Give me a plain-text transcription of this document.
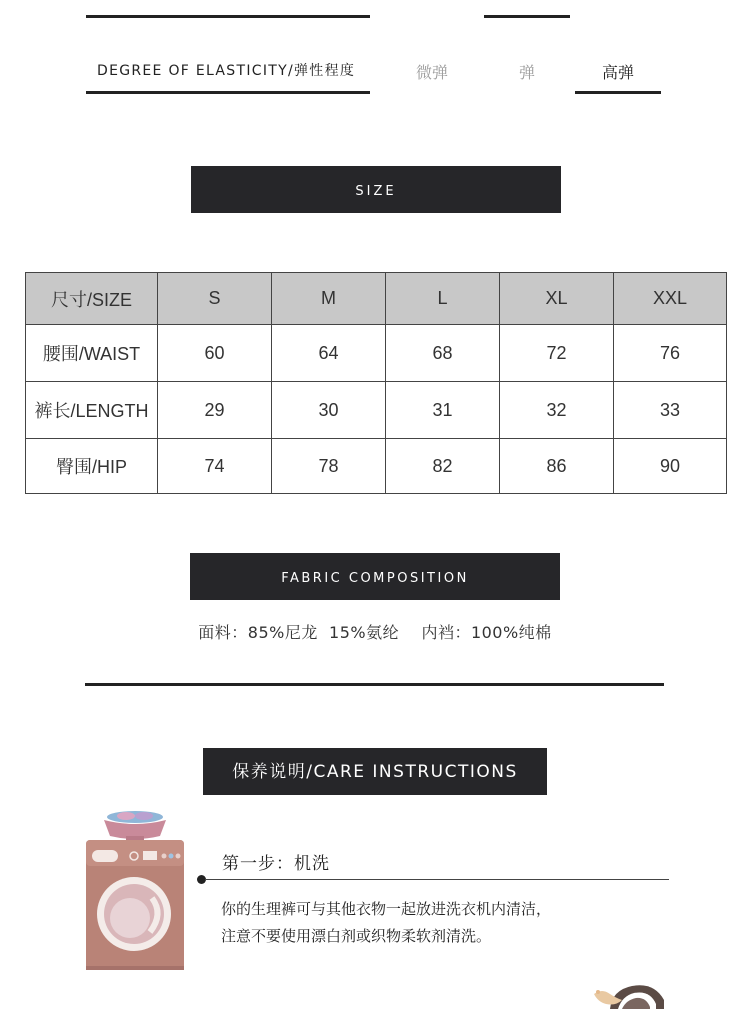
DEGREE OF ELASTICITY/弹性程度	微弹	弹	高弹
SIZE
尺寸/SIZE	S	M	L	XL	XXL
腰围/WAIST	60	64	68	72	76
裤长/LENGTH	29	30	31	32	33
臀围/HIP	74	78	82	86	90
FABRIC COMPOSITION
面料：85%尼龙  15%氨纶    内裆：100%纯棉
保养说明/CARE INSTRUCTIONS
第一步：机洗
你的生理裤可与其他衣物一起放进洗衣机内清洁，
注意不要使用漂白剂或织物柔软剂清洗。
